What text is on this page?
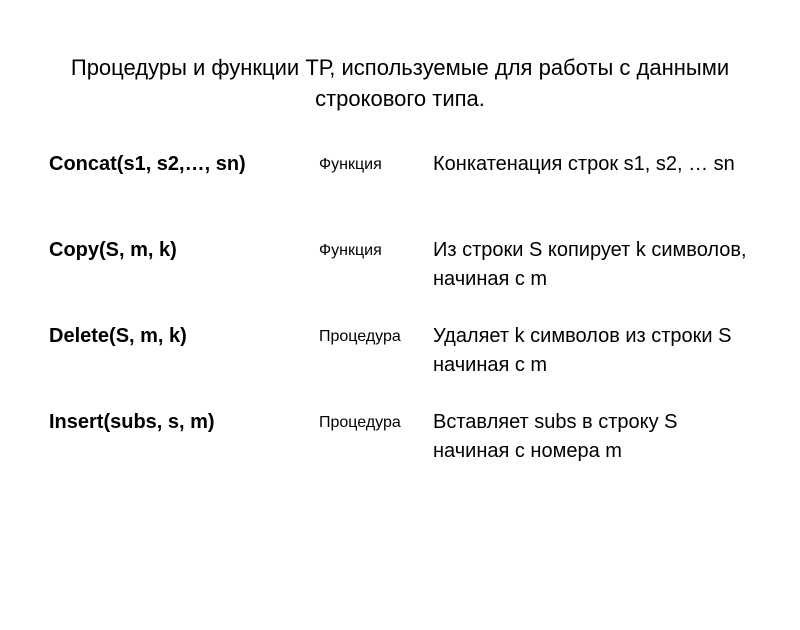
Процедуры и функции ТР, используемые для работы с данными строкового типа.
Concat(s1, s2,…, sn)	Функция	Конкатенация строк s1, s2, … sn
Copy(S, m, k)	Функция	Из строки S копирует k символов, начиная с m
Delete(S, m, k)	Процедура	Удаляет k символов из строки S начиная с m
Insert(subs, s, m)	Процедура	Вставляет subs в строку S начиная с номера m
